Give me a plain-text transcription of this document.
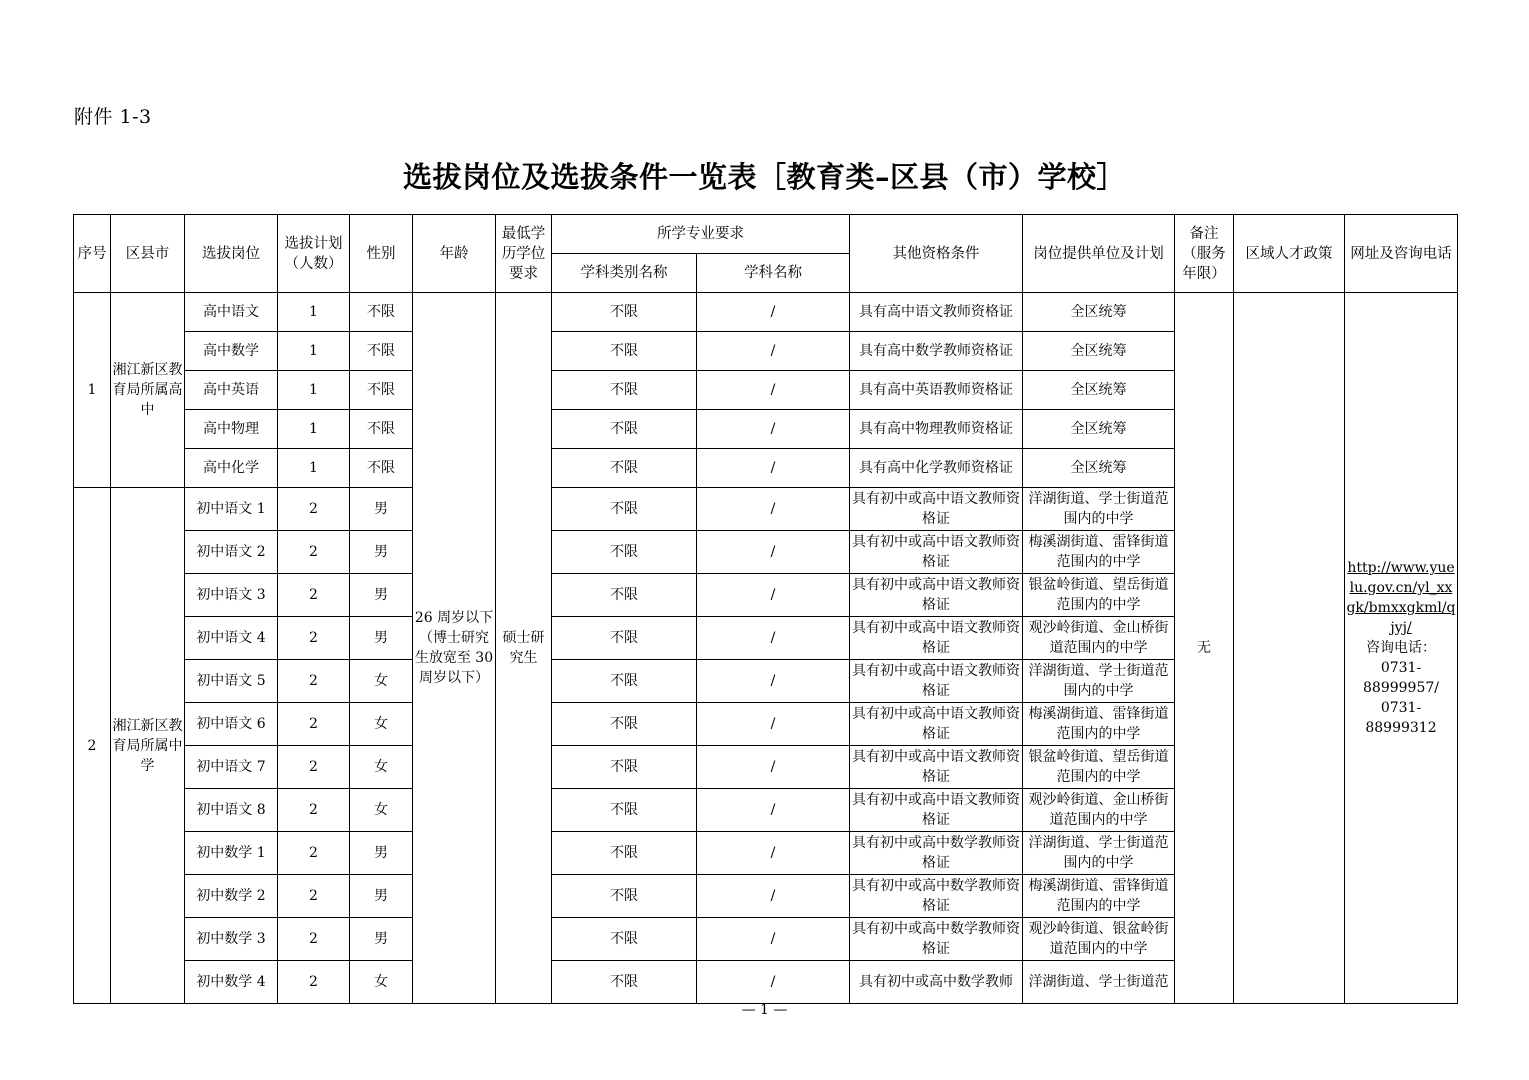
附件 1-3
选拔岗位及选拔条件一览表［教育类–区县（市）学校］
序号	区县市	选拔岗位	选拔计划（人数）	性别	年龄	最低学历学位要求	所学专业要求		其他资格条件	岗位提供单位及计划	备注（服务年限）	区域人才政策	网址及咨询电话
							学科类别名称	学科名称					
1	湘江新区教育局所属高中	高中语文	1	不限	26 周岁以下（博士研究生放宽至 30 周岁以下）	硕士研究生	不限	/	具有高中语文教师资格证	全区统筹	无		http://www.yuelu.gov.cn/yl_xxgk/bmxxgkml/qjyj/
咨询电话：
0731-88999957/
0731-88999312

		高中数学	1	不限			不限	/	具有高中数学教师资格证	全区统筹			
		高中英语	1	不限			不限	/	具有高中英语教师资格证	全区统筹			
		高中物理	1	不限			不限	/	具有高中物理教师资格证	全区统筹			
		高中化学	1	不限			不限	/	具有高中化学教师资格证	全区统筹			
2	湘江新区教育局所属中学	初中语文 1	2	男			不限	/	具有初中或高中语文教师资格证	洋湖街道、学士街道范围内的中学			
		初中语文 2	2	男			不限	/	具有初中或高中语文教师资格证	梅溪湖街道、雷锋街道范围内的中学			
		初中语文 3	2	男			不限	/	具有初中或高中语文教师资格证	银盆岭街道、望岳街道范围内的中学			
		初中语文 4	2	男			不限	/	具有初中或高中语文教师资格证	观沙岭街道、金山桥街道范围内的中学			
		初中语文 5	2	女			不限	/	具有初中或高中语文教师资格证	洋湖街道、学士街道范围内的中学			
		初中语文 6	2	女			不限	/	具有初中或高中语文教师资格证	梅溪湖街道、雷锋街道范围内的中学			
		初中语文 7	2	女			不限	/	具有初中或高中语文教师资格证	银盆岭街道、望岳街道范围内的中学			
		初中语文 8	2	女			不限	/	具有初中或高中语文教师资格证	观沙岭街道、金山桥街道范围内的中学			
		初中数学 1	2	男			不限	/	具有初中或高中数学教师资格证	洋湖街道、学士街道范围内的中学			
		初中数学 2	2	男			不限	/	具有初中或高中数学教师资格证	梅溪湖街道、雷锋街道范围内的中学			
		初中数学 3	2	男			不限	/	具有初中或高中数学教师资格证	观沙岭街道、银盆岭街道范围内的中学			
		初中数学 4	2	女			不限	/	具有初中或高中数学教师	洋湖街道、学士街道范			
— 1 —
